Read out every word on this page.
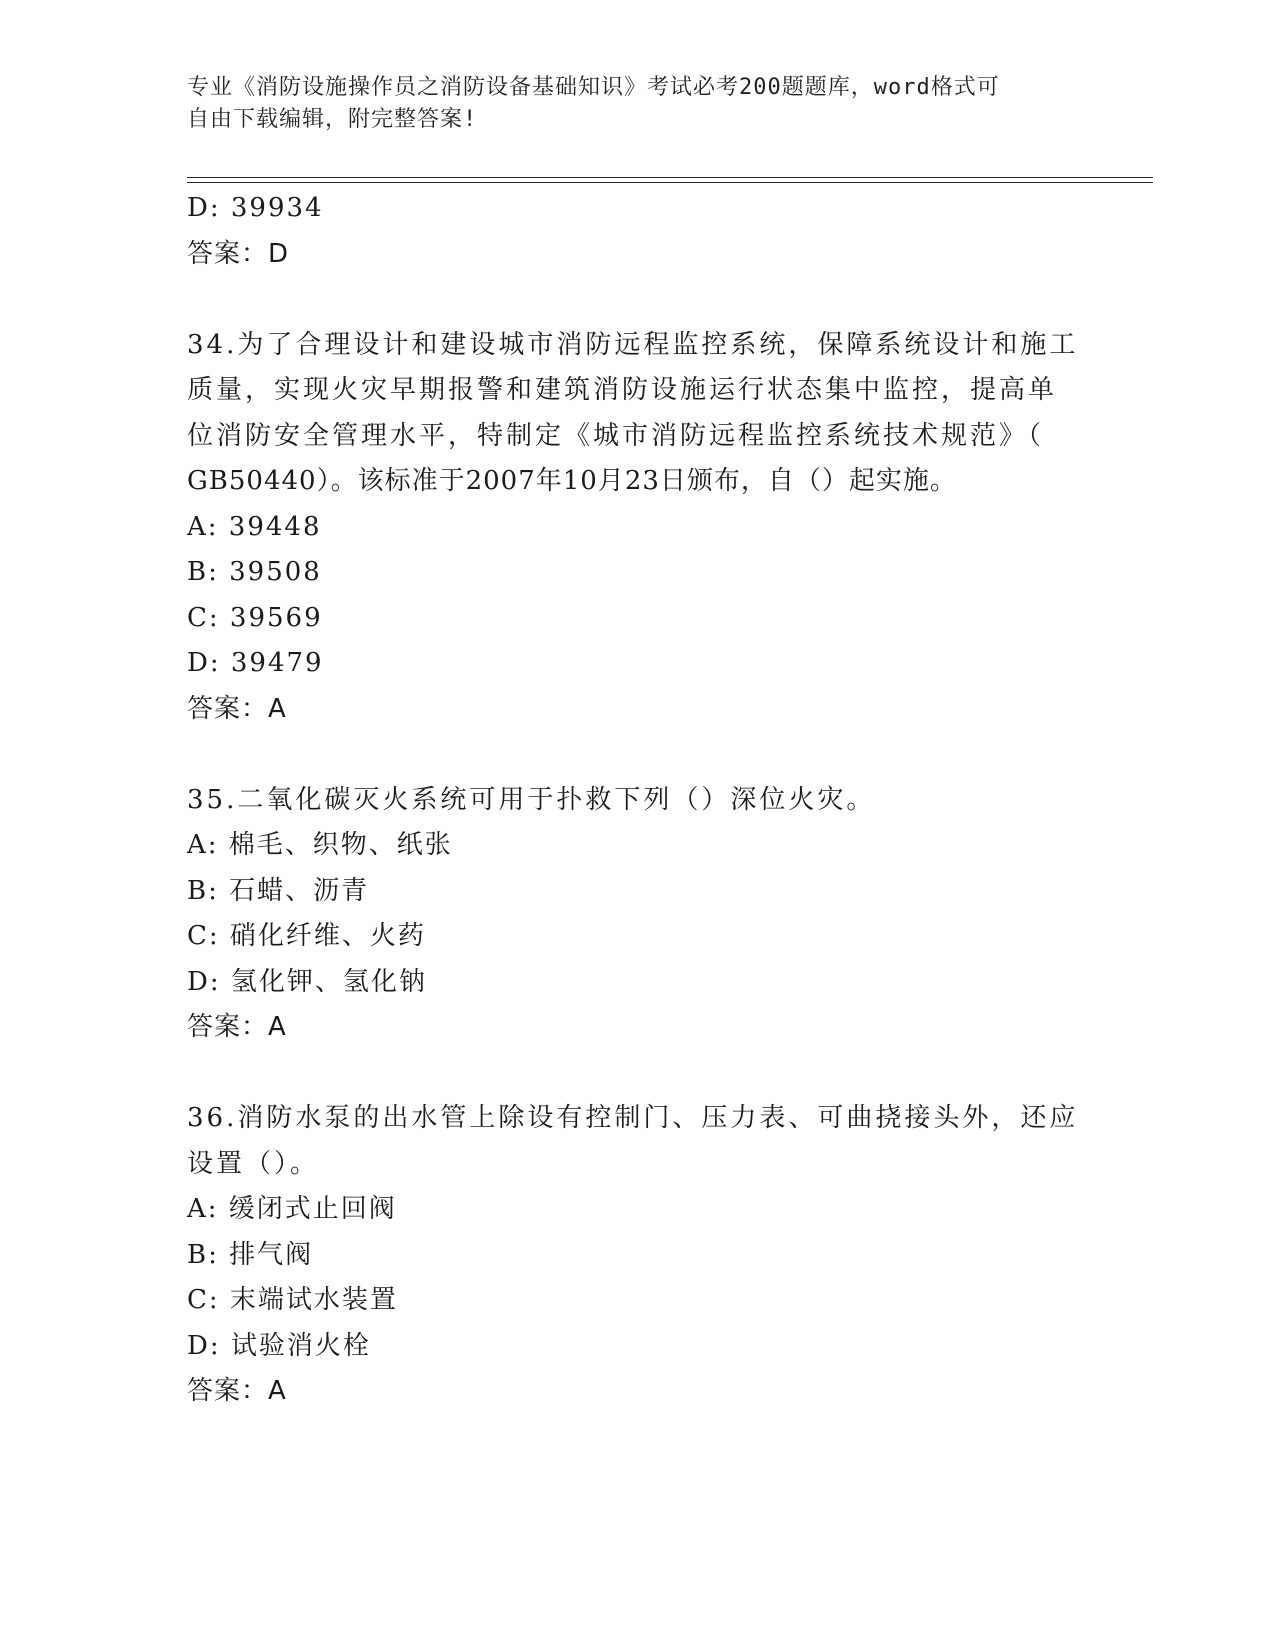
专业《消防设施操作员之消防设备基础知识》考试必考200题题库，word格式可
自由下载编辑，附完整答案!
D: 39934
答案：D
34.为了合理设计和建设城市消防远程监控系统，保障系统设计和施工
质量，实现火灾早期报警和建筑消防设施运行状态集中监控，提高单
位消防安全管理水平，特制定《城市消防远程监控系统技术规范》（
GB50440）。该标准于2007年10月23日颁布，自（）起实施。
A: 39448
B: 39508
C: 39569
D: 39479
答案：A
35.二氧化碳灭火系统可用于扑救下列（）深位火灾。
A: 棉毛、织物、纸张
B: 石蜡、沥青
C: 硝化纤维、火药
D: 氢化钾、氢化钠
答案：A
36.消防水泵的出水管上除设有控制门、压力表、可曲挠接头外，还应
设置（）。
A: 缓闭式止回阀
B: 排气阀
C: 末端试水装置
D: 试验消火栓
答案：A
